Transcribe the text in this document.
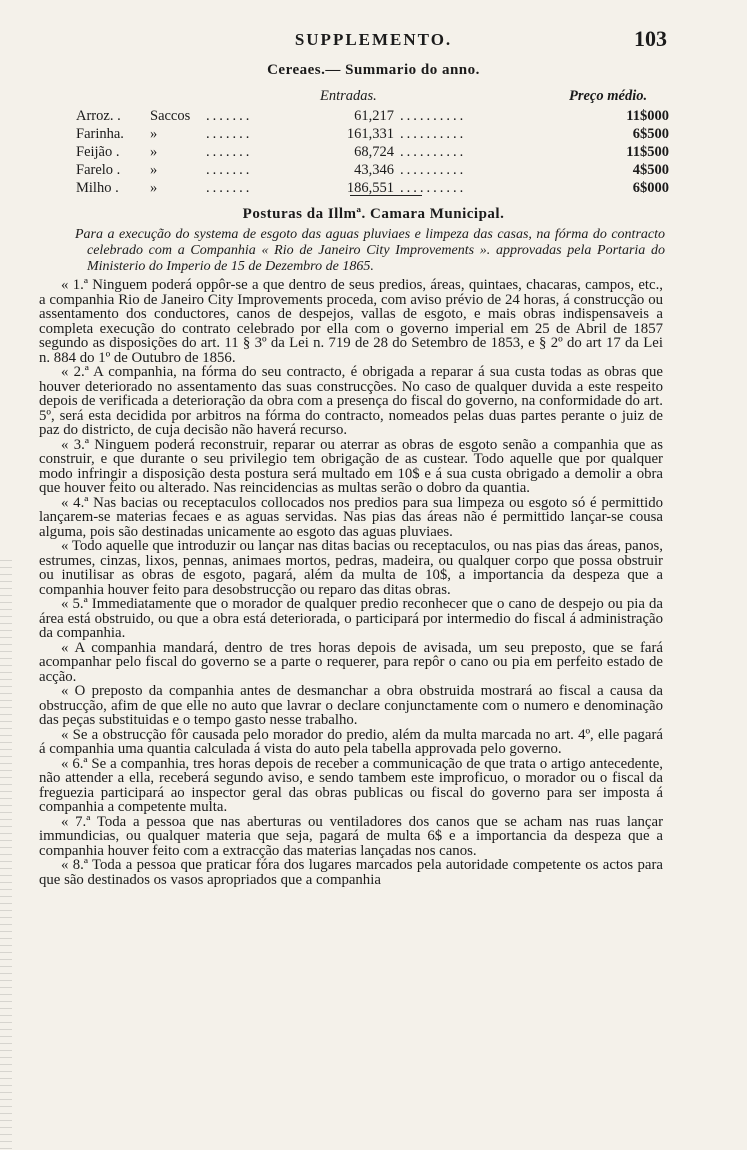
SUPPLEMENTO.	103
Cereaes.— Summario do anno.
Entradas.	Preço médio.
Arroz. . Saccos .......	61,217 ..........	11$000
Farinha. »	.......	161,331 ..........	6$500
Feijão . »	.......	68,724 ..........	11$500
Farelo . »	.......	43,346 ..........	4$500
Milho . »	.......	186,551 ..........	6$000
Posturas da Illmª. Camara Municipal.
Para a execução do systema de esgoto das aguas pluviaes e limpeza das casas, na fórma do contracto celebrado com a Companhia « Rio de Janeiro City Improvements ». approvadas pela Portaria do Ministerio do Imperio de 15 de Dezembro de 1865.

« 1.ª Ninguem poderá oppôr-se a que dentro de seus predios, áreas, quintaes, chacaras, campos, etc., a companhia Rio de Janeiro City Improvements proceda, com aviso prévio de 24 horas, á construcção ou assentamento dos conductores, canos de despejos, vallas de esgoto, e mais obras indispensaveis a completa execução do contrato celebrado por ella com o governo imperial em 25 de Abril de 1857 segundo as disposições do art. 11 § 3º da Lei n. 719 de 28 do Setembro de 1853, e § 2º do art 17 da Lei n. 884 do 1º de Outubro de 1856.

« 2.ª A companhia, na fórma do seu contracto, é obrigada a reparar á sua custa todas as obras que houver deteriorado no assentamento das suas construcções. No caso de qualquer duvida a este respeito depois de verificada a deterioração da obra com a presença do fiscal do governo, na conformidade do art. 5º, será esta decidida por arbitros na fórma do contracto, nomeados pelas duas partes perante o juiz de paz do districto, de cuja decisão não haverá recurso.

« 3.ª Ninguem poderá reconstruir, reparar ou aterrar as obras de esgoto senão a companhia que as construir, e que durante o seu privilegio tem obrigação de as custear. Todo aquelle que por qualquer modo infringir a disposição desta postura será multado em 10$ e á sua custa obrigado a demolir a obra que houver feito ou alterado. Nas reincidencias as multas serão o dobro da quantia.

« 4.ª Nas bacias ou receptaculos collocados nos predios para sua limpeza ou esgoto só é permittido lançarem-se materias fecaes e as aguas servidas. Nas pias das áreas não é permittido lançar-se cousa alguma, pois são destinadas unicamente ao esgoto das aguas pluviaes.

« Todo aquelle que introduzir ou lançar nas ditas bacias ou receptaculos, ou nas pias das áreas, panos, estrumes, cinzas, lixos, pennas, animaes mortos, pedras, madeira, ou qualquer corpo que possa obstruir ou inutilisar as obras de esgoto, pagará, além da multa de 10$, a importancia da despeza que a companhia houver feito para desobstrucção ou reparo das ditas obras.

« 5.ª Immediatamente que o morador de qualquer predio reconhecer que o cano de despejo ou pia da área está obstruido, ou que a obra está deteriorada, o participará por intermedio do fiscal á administração da companhia.

« A companhia mandará, dentro de tres horas depois de avisada, um seu preposto, que se fará acompanhar pelo fiscal do governo se a parte o requerer, para repôr o cano ou pia em perfeito estado de acção.

« O preposto da companhia antes de desmanchar a obra obstruida mostrará ao fiscal a causa da obstrucção, afim de que elle no auto que lavrar o declare conjunctamente com o numero e denominação das peças substituidas e o tempo gasto nesse trabalho.

« Se a obstrucção fôr causada pelo morador do predio, além da multa marcada no art. 4º, elle pagará á companhia uma quantia calculada á vista do auto pela tabella approvada pelo governo.

« 6.ª Se a companhia, tres horas depois de receber a communicação de que trata o artigo antecedente, não attender a ella, receberá segundo aviso, e sendo tambem este improficuo, o morador ou o fiscal da freguezia participará ao inspector geral das obras publicas ou fiscal do governo para ser imposta á companhia a competente multa.

« 7.ª Toda a pessoa que nas aberturas ou ventiladores dos canos que se acham nas ruas lançar immundicias, ou qualquer materia que seja, pagará de multa 6$ e a importancia da despeza que a companhia houver feito com a extracção das materias lançadas nos canos.

« 8.ª Toda a pessoa que praticar fóra dos lugares marcados pela autoridade competente os actos para que são destinados os vasos apropriados que a companhia
